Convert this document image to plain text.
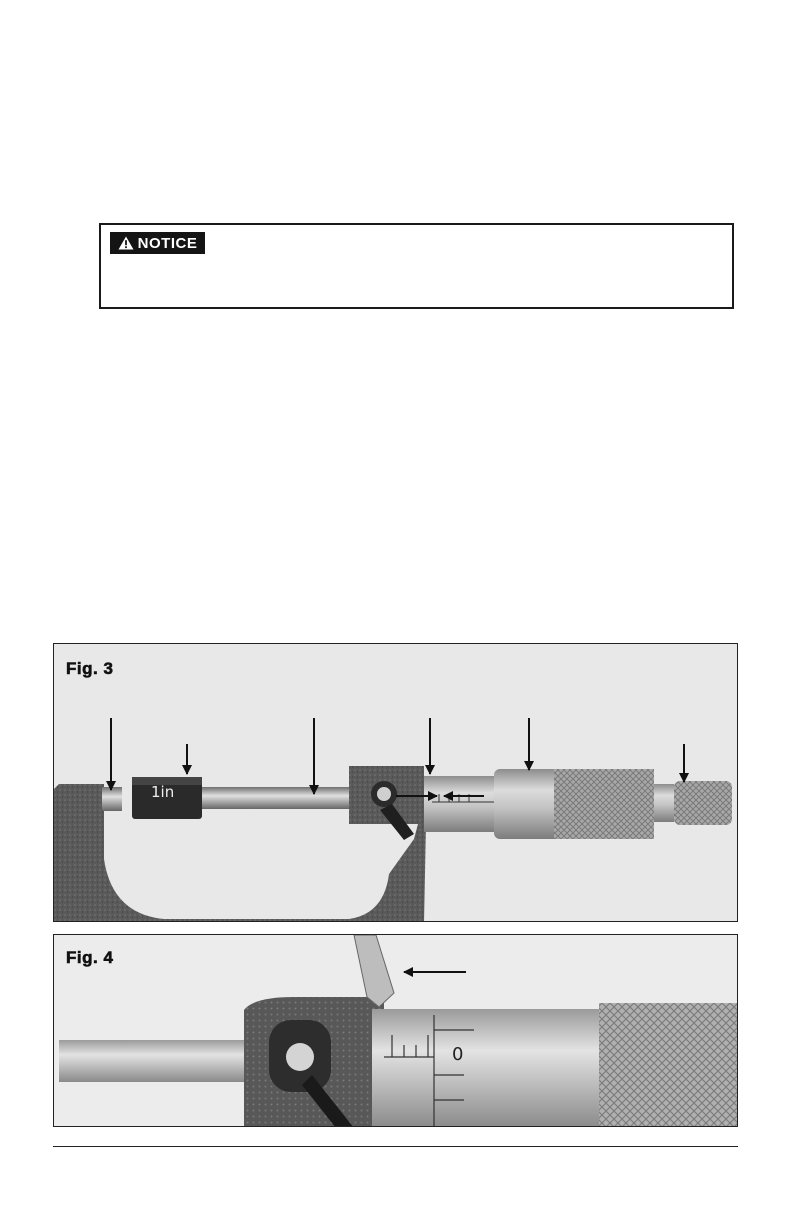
NOTICE
Fig. 3
1in
Fig. 4
0
